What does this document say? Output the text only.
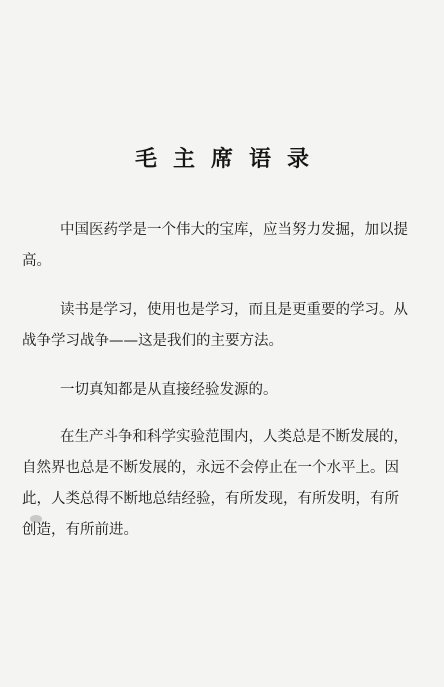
毛主席语录
中国医药学是一个伟大的宝库，应当努力发掘，加以提
高。
读书是学习，使用也是学习，而且是更重要的学习。从
战争学习战争——这是我们的主要方法。
一切真知都是从直接经验发源的。
在生产斗争和科学实验范围内，人类总是不断发展的，
自然界也总是不断发展的，永远不会停止在一个水平上。因
此，人类总得不断地总结经验，有所发现，有所发明，有所
创造，有所前进。
